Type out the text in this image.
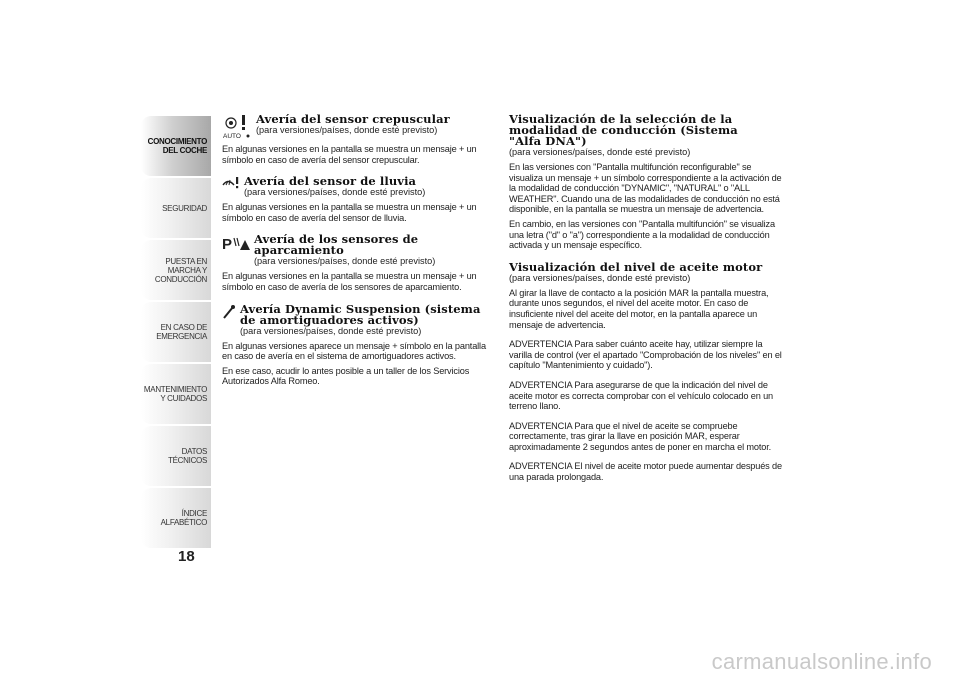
CONOCIMIENTO DEL COCHE
SEGURIDAD
PUESTA EN MARCHA Y CONDUCCIÓN
EN CASO DE EMERGENCIA
MANTENIMIENTO Y CUIDADOS
DATOS TÉCNICOS
ÍNDICE ALFABÉTICO
18
AUTO
Avería del sensor crepuscular
(para versiones/países, donde esté previsto)

En algunas versiones en la pantalla se muestra un mensaje + un símbolo en caso de avería del sensor crepuscular.

Avería del sensor de lluvia
(para versiones/países, donde esté previsto)

En algunas versiones en la pantalla se muestra un mensaje + un símbolo en caso de avería del sensor de lluvia.

P Avería de los sensores de aparcamiento
(para versiones/países, donde esté previsto)

En algunas versiones en la pantalla se muestra un mensaje + un símbolo en caso de avería de los sensores de aparcamiento.

Avería Dynamic Suspension (sistema de amortiguadores activos)
(para versiones/países, donde esté previsto)

En algunas versiones aparece un mensaje + símbolo en la pantalla en caso de avería en el sistema de amortiguadores activos.

En ese caso, acudir lo antes posible a un taller de los Servicios Autorizados Alfa Romeo.

Visualización de la selección de la modalidad de conducción (Sistema "Alfa DNA")
(para versiones/países, donde esté previsto)

En las versiones con "Pantalla multifunción reconfigurable" se visualiza un mensaje + un símbolo correspondiente a la activación de la modalidad de conducción "DYNAMIC", "NATURAL" o "ALL WEATHER". Cuando una de las modalidades de conducción no está disponible, en la pantalla se muestra un mensaje de advertencia.

En cambio, en las versiones con "Pantalla multifunción" se visualiza una letra ("d" o "a") correspondiente a la modalidad de conducción activada y un mensaje específico.

Visualización del nivel de aceite motor
(para versiones/países, donde esté previsto)

Al girar la llave de contacto a la posición MAR la pantalla muestra, durante unos segundos, el nivel del aceite motor. En caso de insuficiente nivel del aceite del motor, en la pantalla aparece un mensaje de advertencia.

ADVERTENCIA Para saber cuánto aceite hay, utilizar siempre la varilla de control (ver el apartado "Comprobación de los niveles" en el capítulo "Mantenimiento y cuidado").

ADVERTENCIA Para asegurarse de que la indicación del nivel de aceite motor es correcta comprobar con el vehículo colocado en un terreno llano.

ADVERTENCIA Para que el nivel de aceite se compruebe correctamente, tras girar la llave en posición MAR, esperar aproximadamente 2 segundos antes de poner en marcha el motor.

ADVERTENCIA El nivel de aceite motor puede aumentar después de una parada prolongada.

carmanualsonline.info
